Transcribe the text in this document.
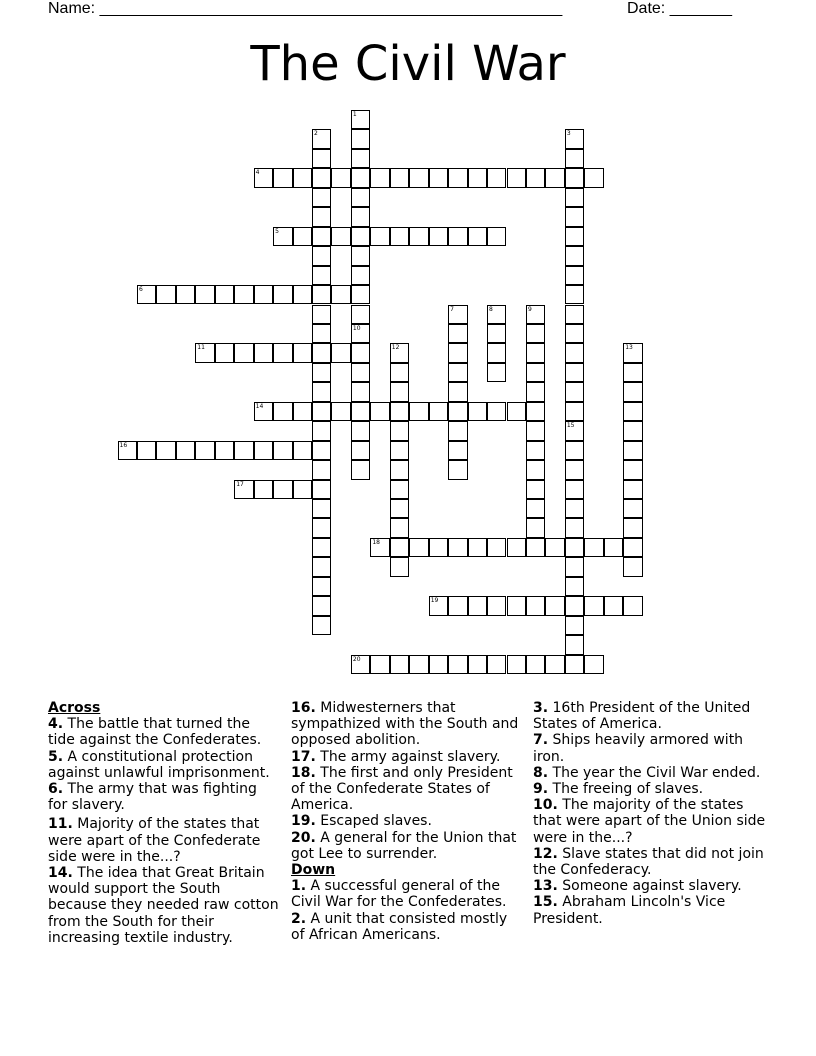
Name: ____________________________________________________	Date: _______
The Civil War
1
10
2	3
4
5
6
7	8	9
11	12	13
14
15
16
17
18
19
20
Across
4. The battle that turned the tide against the Confederates.
5. A constitutional protection against unlawful imprisonment.
6. The army that was fighting for slavery.
11. Majority of the states that were apart of the Confederate side were in the...?
14. The idea that Great Britain would support the South because they needed raw cotton from the South for their increasing textile industry.
16. Midwesterners that sympathized with the South and opposed abolition.
17. The army against slavery.
18. The first and only President of the Confederate States of America.
19. Escaped slaves.
20. A general for the Union that got Lee to surrender.
Down
1. A successful general of the Civil War for the Confederates.
2. A unit that consisted mostly of African Americans.
3. 16th President of the United States of America.
7. Ships heavily armored with iron.
8. The year the Civil War ended.
9. The freeing of slaves.
10. The majority of the states that were apart of the Union side were in the...?
12. Slave states that did not join the Confederacy.
13. Someone against slavery.
15. Abraham Lincoln's Vice President.
